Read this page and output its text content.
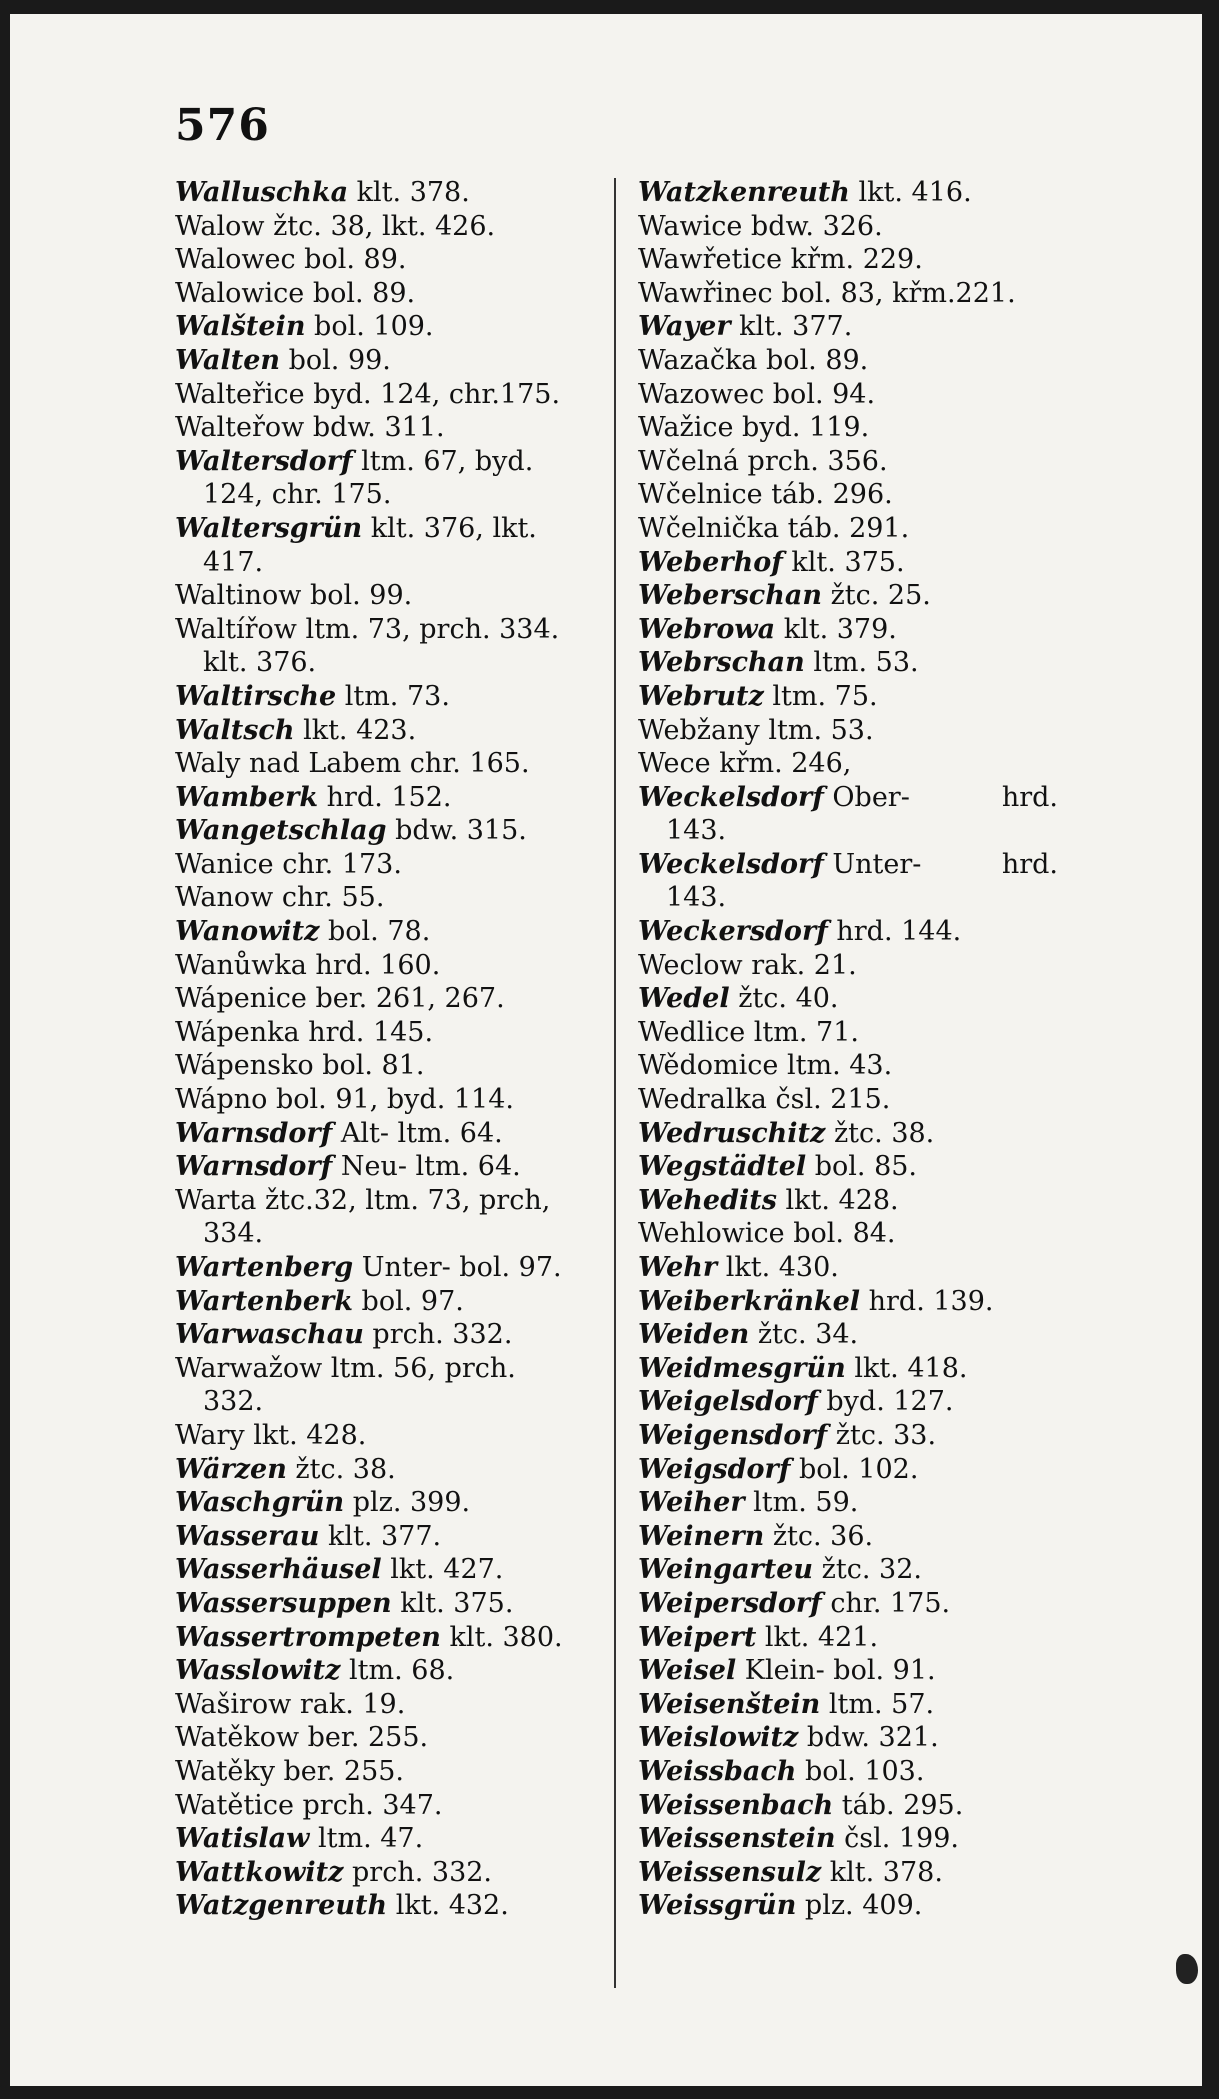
576
Walluschka klt. 378.
Walow žtc. 38, lkt. 426.
Walowec bol. 89.
Walowice bol. 89.
Walštein bol. 109.
Walten bol. 99.
Walteřice byd. 124, chr.175.
Walteřow bdw. 311.
Waltersdorf ltm. 67, byd.
124, chr. 175.
Waltersgrün klt. 376, lkt.
417.
Waltinow bol. 99.
Waltířow ltm. 73, prch. 334.
klt. 376.
Waltirsche ltm. 73.
Waltsch lkt. 423.
Waly nad Labem chr. 165.
Wamberk hrd. 152.
Wangetschlag bdw. 315.
Wanice chr. 173.
Wanow chr. 55.
Wanowitz bol. 78.
Wanůwka hrd. 160.
Wápenice ber. 261, 267.
Wápenka hrd. 145.
Wápensko bol. 81.
Wápno bol. 91, byd. 114.
Warnsdorf Alt- ltm. 64.
Warnsdorf Neu- ltm. 64.
Warta žtc.32, ltm. 73, prch,
334.
Wartenberg Unter- bol. 97.
Wartenberk bol. 97.
Warwaschau prch. 332.
Warwažow ltm. 56, prch.
332.
Wary lkt. 428.
Wärzen žtc. 38.
Waschgrün plz. 399.
Wasserau klt. 377.
Wasserhäusel lkt. 427.
Wassersuppen klt. 375.
Wassertrompeten klt. 380.
Wasslowitz ltm. 68.
Waširow rak. 19.
Watěkow ber. 255.
Watěky ber. 255.
Watětice prch. 347.
Watislaw ltm. 47.
Wattkowitz prch. 332.
Watzgenreuth lkt. 432.
Watzkenreuth lkt. 416.
Wawice bdw. 326.
Wawřetice křm. 229.
Wawřinec bol. 83, křm.221.
Wayer klt. 377.
Wazačka bol. 89.
Wazowec bol. 94.
Wažice byd. 119.
Wčelná prch. 356.
Wčelnice táb. 296.
Wčelnička táb. 291.
Weberhof klt. 375.
Weberschan žtc. 25.
Webrowa klt. 379.
Webrschan ltm. 53.
Webrutz ltm. 75.
Webžany ltm. 53.
Wece křm. 246,
Weckelsdorf Ober-	hrd.
143.
Weckelsdorf Unter-	hrd.
143.
Weckersdorf hrd. 144.
Weclow rak. 21.
Wedel žtc. 40.
Wedlice ltm. 71.
Wědomice ltm. 43.
Wedralka čsl. 215.
Wedruschitz žtc. 38.
Wegstädtel bol. 85.
Wehedits lkt. 428.
Wehlowice bol. 84.
Wehr lkt. 430.
Weiberkränkel hrd. 139.
Weiden žtc. 34.
Weidmesgrün lkt. 418.
Weigelsdorf byd. 127.
Weigensdorf žtc. 33.
Weigsdorf bol. 102.
Weiher ltm. 59.
Weinern žtc. 36.
Weingarteu žtc. 32.
Weipersdorf chr. 175.
Weipert lkt. 421.
Weisel Klein- bol. 91.
Weisenštein ltm. 57.
Weislowitz bdw. 321.
Weissbach bol. 103.
Weissenbach táb. 295.
Weissenstein čsl. 199.
Weissensulz klt. 378.
Weissgrün plz. 409.
